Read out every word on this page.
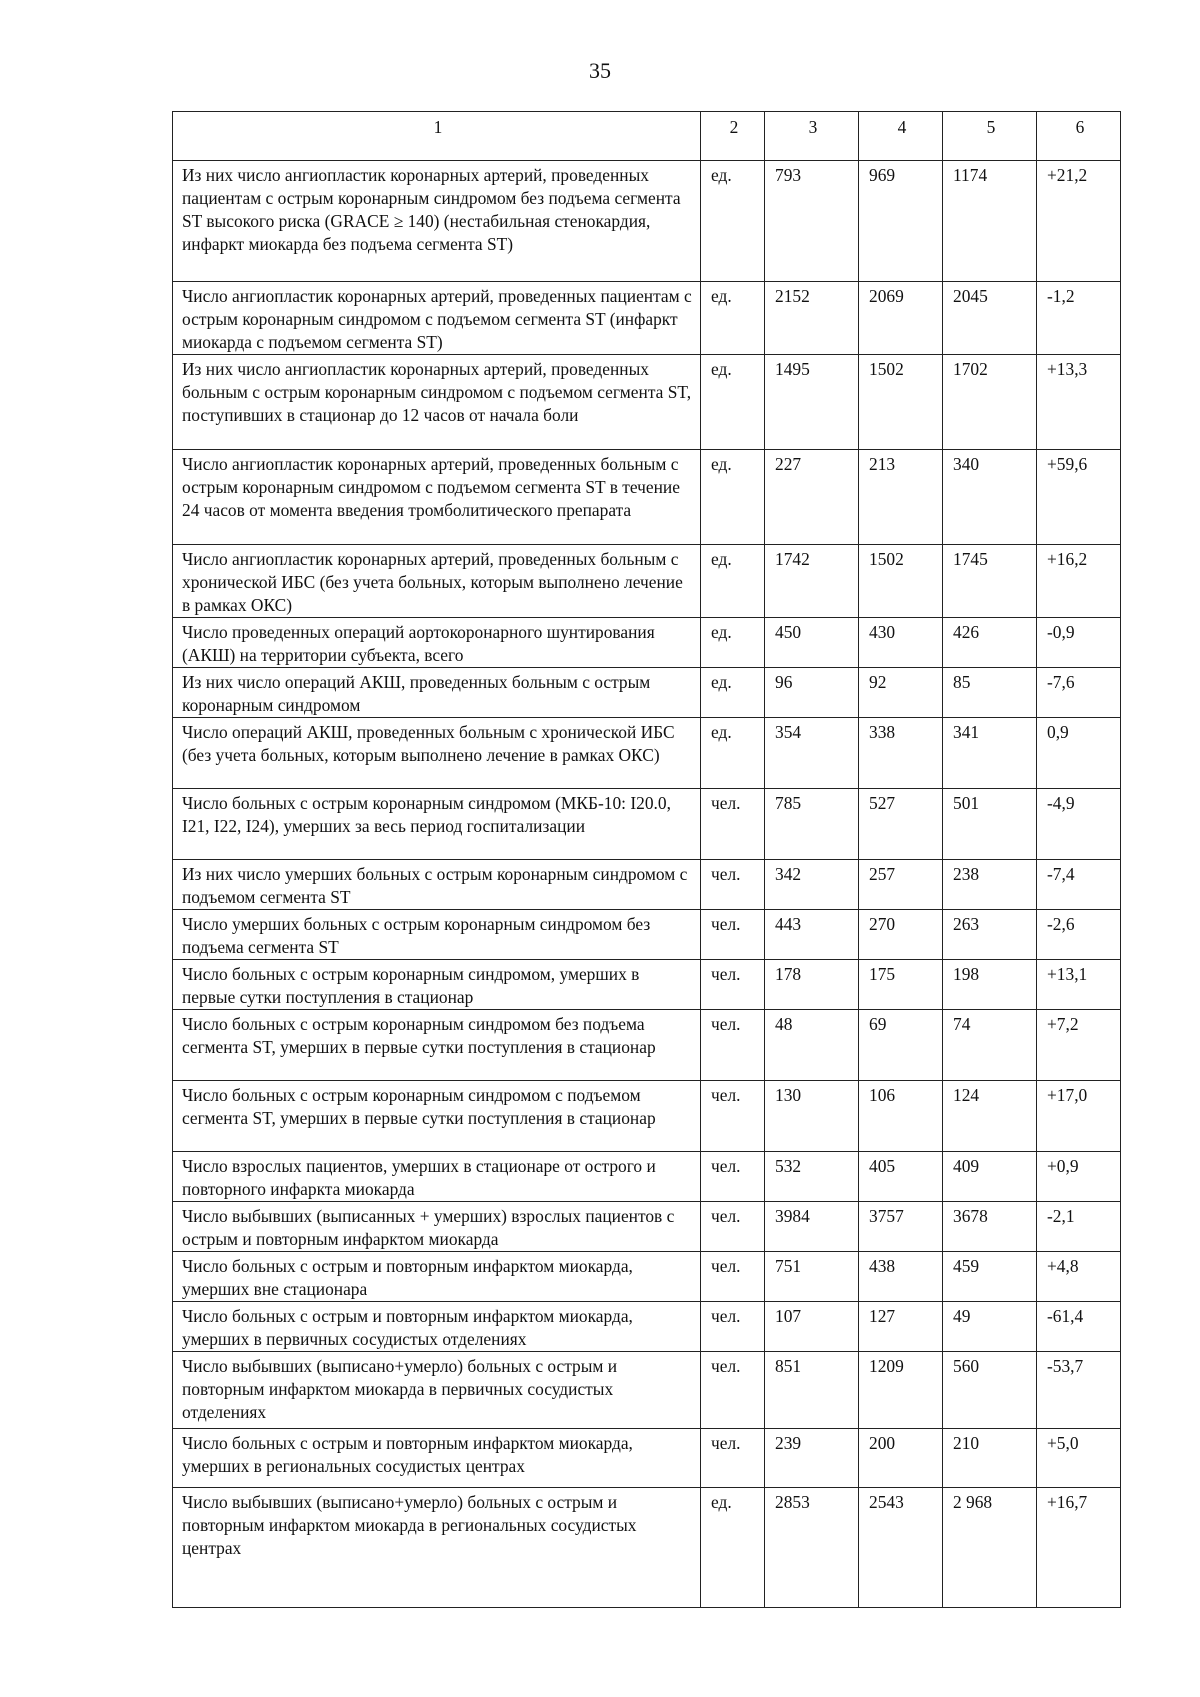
35
1	2	3	4	5	6
Из них число ангиопластик коронарных артерий, проведенных пациентам с острым коронарным синдромом без подъема сегмента ST высокого риска (GRACE ≥ 140) (нестабильная стенокардия, инфаркт миокарда без подъема сегмента ST)	ед.	793	969	1174	+21,2
Число ангиопластик коронарных артерий, проведенных пациентам с острым коронарным синдромом с подъемом сегмента ST (инфаркт миокарда с подъемом сегмента ST)	ед.	2152	2069	2045	-1,2
Из них число ангиопластик коронарных артерий, проведенных больным с острым коронарным синдромом с подъемом сегмента ST, поступивших в стационар до 12 часов от начала боли	ед.	1495	1502	1702	+13,3
Число ангиопластик коронарных артерий, проведенных больным с острым коронарным синдромом с подъемом сегмента ST в течение 24 часов от момента введения тромболитического препарата	ед.	227	213	340	+59,6
Число ангиопластик коронарных артерий, проведенных больным с хронической ИБС (без учета больных, которым выполнено лечение в рамках ОКС)	ед.	1742	1502	1745	+16,2
Число проведенных операций аортокоронарного шунтирования (АКШ) на территории субъекта, всего	ед.	450	430	426	-0,9
Из них число операций АКШ, проведенных больным с острым коронарным синдромом	ед.	96	92	85	-7,6
Число операций АКШ, проведенных больным с хронической ИБС (без учета больных, которым выполнено лечение в рамках ОКС)	ед.	354	338	341	0,9
Число больных с острым коронарным синдромом (МКБ-10: I20.0, I21, I22, I24), умерших за весь период госпитализации	чел.	785	527	501	-4,9
Из них число умерших больных с острым коронарным синдромом с подъемом сегмента ST	чел.	342	257	238	-7,4
Число умерших больных с острым коронарным синдромом без подъема сегмента ST	чел.	443	270	263	-2,6
Число больных с острым коронарным синдромом, умерших в первые сутки поступления в стационар	чел.	178	175	198	+13,1
Число больных с острым коронарным синдромом без подъема сегмента ST, умерших в первые сутки поступления в стационар	чел.	48	69	74	+7,2
Число больных с острым коронарным синдромом с подъемом сегмента ST, умерших в первые сутки поступления в стационар	чел.	130	106	124	+17,0
Число взрослых пациентов, умерших в стационаре от острого и повторного инфаркта миокарда	чел.	532	405	409	+0,9
Число выбывших (выписанных + умерших) взрослых пациентов с острым и повторным инфарктом миокарда	чел.	3984	3757	3678	-2,1
Число больных с острым и повторным инфарктом миокарда, умерших вне стационара	чел.	751	438	459	+4,8
Число больных с острым и повторным инфарктом миокарда, умерших в первичных сосудистых отделениях	чел.	107	127	49	-61,4
Число выбывших (выписано+умерло) больных с острым и повторным инфарктом миокарда в первичных сосудистых отделениях	чел.	851	1209	560	-53,7
Число больных с острым и повторным инфарктом миокарда, умерших в региональных сосудистых центрах	чел.	239	200	210	+5,0
Число выбывших (выписано+умерло) больных с острым и повторным инфарктом миокарда в региональных сосудистых центрах	ед.	2853	2543	2 968	+16,7
